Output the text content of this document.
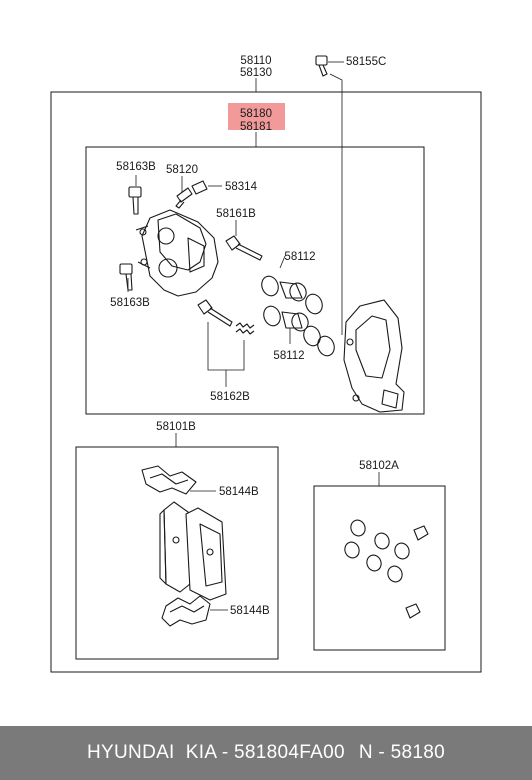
58110
58130
58155C
58180
58181
58163B 58120
58314
58161B
58112
58163B
58112
58162B
58101B
58144B
58144B
58102A
HYUNDAI  KIA - 581804FA00 N - 58180
